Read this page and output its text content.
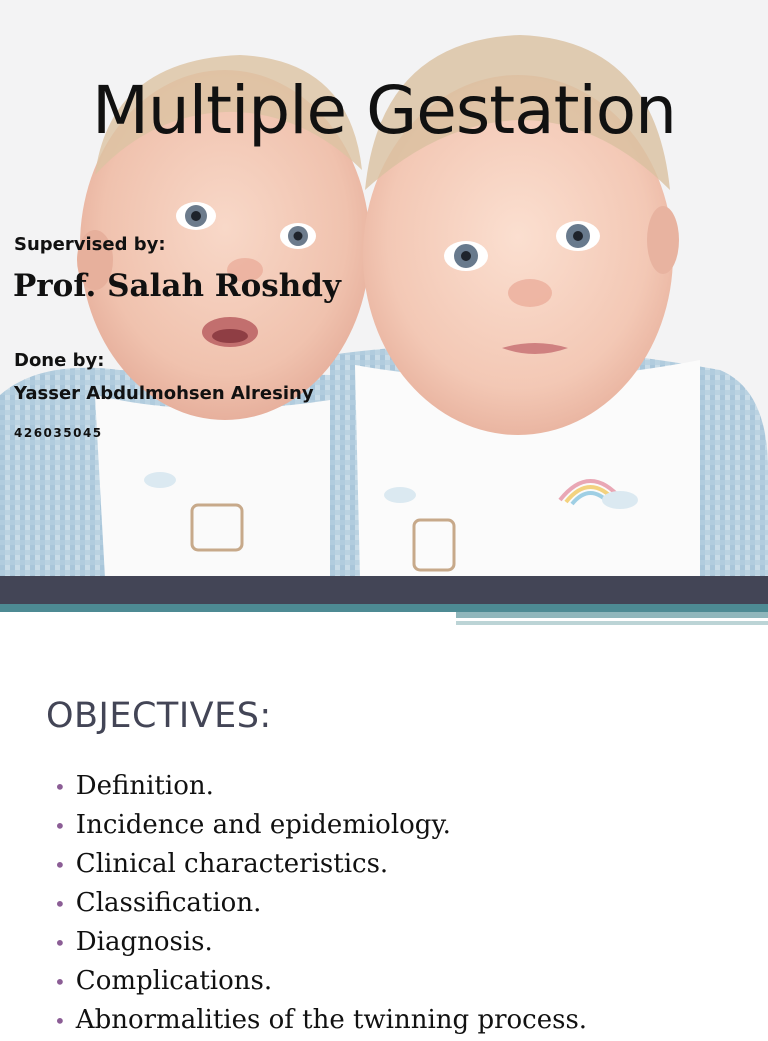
Multiple Gestation
Supervised by:
Prof. Salah Roshdy
Done by:
Yasser Abdulmohsen Alresiny
426035045
OBJECTIVES:
• Definition.
• Incidence and epidemiology.
• Clinical characteristics.
• Classification.
• Diagnosis.
• Complications.
• Abnormalities of the twinning process.
